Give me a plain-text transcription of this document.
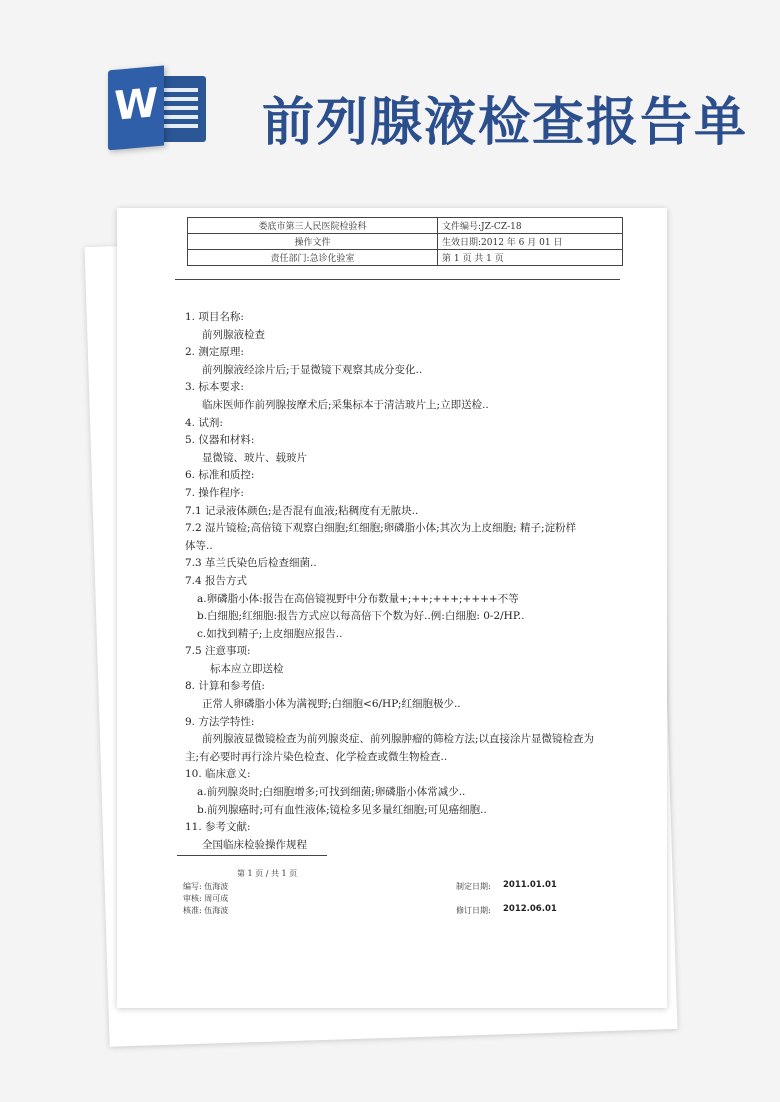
W 前列腺液检查报告单
娄底市第三人民医院检验科	文件编号:JZ-CZ-18
操作文件	生效日期:2012 年 6 月 01 日
责任部门:急诊化验室	第 1 页 共 1 页
1. 项目名称:
前列腺液检查
2. 测定原理:
前列腺液经涂片后;于显微镜下观察其成分变化..
3. 标本要求:
临床医师作前列腺按摩术后;采集标本于清洁玻片上;立即送检..
4. 试剂:
5. 仪器和材料:
显微镜、玻片、载玻片
6. 标准和质控:
7. 操作程序:
7.1 记录液体颜色;是否混有血液;粘稠度有无脓块..
7.2 湿片镜检;高倍镜下观察白细胞;红细胞;卵磷脂小体;其次为上皮细胞; 精子;淀粉样
体等..
7.3 革兰氏染色后检查细菌..
7.4 报告方式
a.卵磷脂小体:报告在高倍镜视野中分布数量+;++;+++;++++不等
b.白细胞;红细胞:报告方式应以每高倍下个数为好..例:白细胞: 0-2/HP..
c.如找到精子;上皮细胞应报告..
7.5 注意事项:
标本应立即送检
8. 计算和参考值:
正常人卵磷脂小体为满视野;白细胞<6/HP;红细胞极少..
9. 方法学特性:
前列腺液显微镜检查为前列腺炎症、前列腺肿瘤的筛检方法;以直接涂片显微镜检查为
主;有必要时再行涂片染色检查、化学检查或微生物检查..
10. 临床意义:
a.前列腺炎时;白细胞增多;可找到细菌;卵磷脂小体常减少..
b.前列腺癌时;可有血性液体;镜检多见多量红细胞;可见癌细胞..
11. 参考文献:
全国临床检验操作规程
第 1 页 / 共 1 页
编写: 伍海波
审核: 周可成
核准: 伍海波
制定日期: 2011.01.01
修订日期: 2012.06.01
